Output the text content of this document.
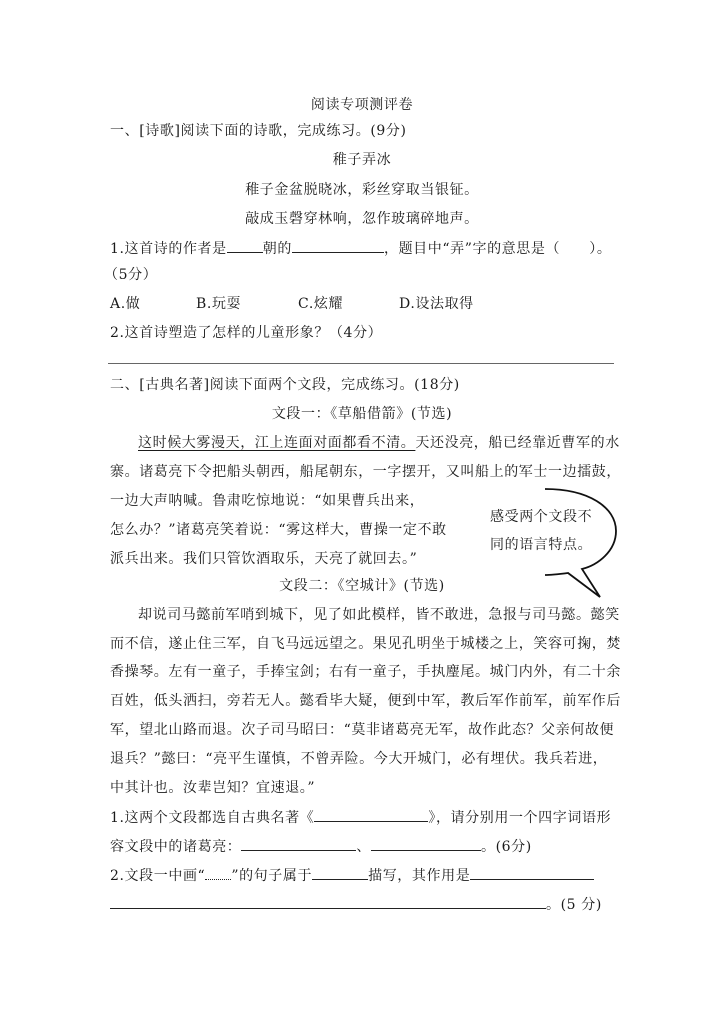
阅读专项测评卷
一、[诗歌]阅读下面的诗歌，完成练习。(9分)
稚子弄冰
稚子金盆脱晓冰，彩丝穿取当银钲。
敲成玉磬穿林响，忽作玻璃碎地声。
1.这首诗的作者是	朝的	，题目中“弄”字的意思是（　　）。
（5分）
A.做	B.玩耍	C.炫耀	D.设法取得
2.这首诗塑造了怎样的儿童形象？（4分）
二、[古典名著]阅读下面两个文段，完成练习。(18分)
文段一：《草船借箭》(节选)
这时候大雾漫天，江上连面对面都看不清。天还没亮，船已经靠近曹军的水
寨。诸葛亮下令把船头朝西，船尾朝东，一字摆开，又叫船上的军士一边擂鼓，
一边大声呐喊。鲁肃吃惊地说：“如果曹兵出来，
怎么办？”诸葛亮笑着说：“雾这样大，曹操一定不敢
派兵出来。我们只管饮酒取乐，天亮了就回去。”
感受两个文段不
同的语言特点。
文段二：《空城计》(节选)
却说司马懿前军哨到城下，见了如此模样，皆不敢进，急报与司马懿。懿笑
而不信，遂止住三军，自飞马远远望之。果见孔明坐于城楼之上，笑容可掬，焚
香操琴。左有一童子，手捧宝剑；右有一童子，手执麈尾。城门内外，有二十余
百姓，低头洒扫，旁若无人。懿看毕大疑，便到中军，教后军作前军，前军作后
军，望北山路而退。次子司马昭曰：“莫非诸葛亮无军，故作此态？父亲何故便
退兵？”懿曰：“亮平生谨慎，不曾弄险。今大开城门，必有埋伏。我兵若进，
中其计也。汝辈岂知？宜速退。”
1.这两个文段都选自古典名著《	》，请分别用一个四字词语形
容文段中的诸葛亮：	、	。(6分)
2.文段一中画“ ”的句子属于	描写，其作用是
。(5 分)
